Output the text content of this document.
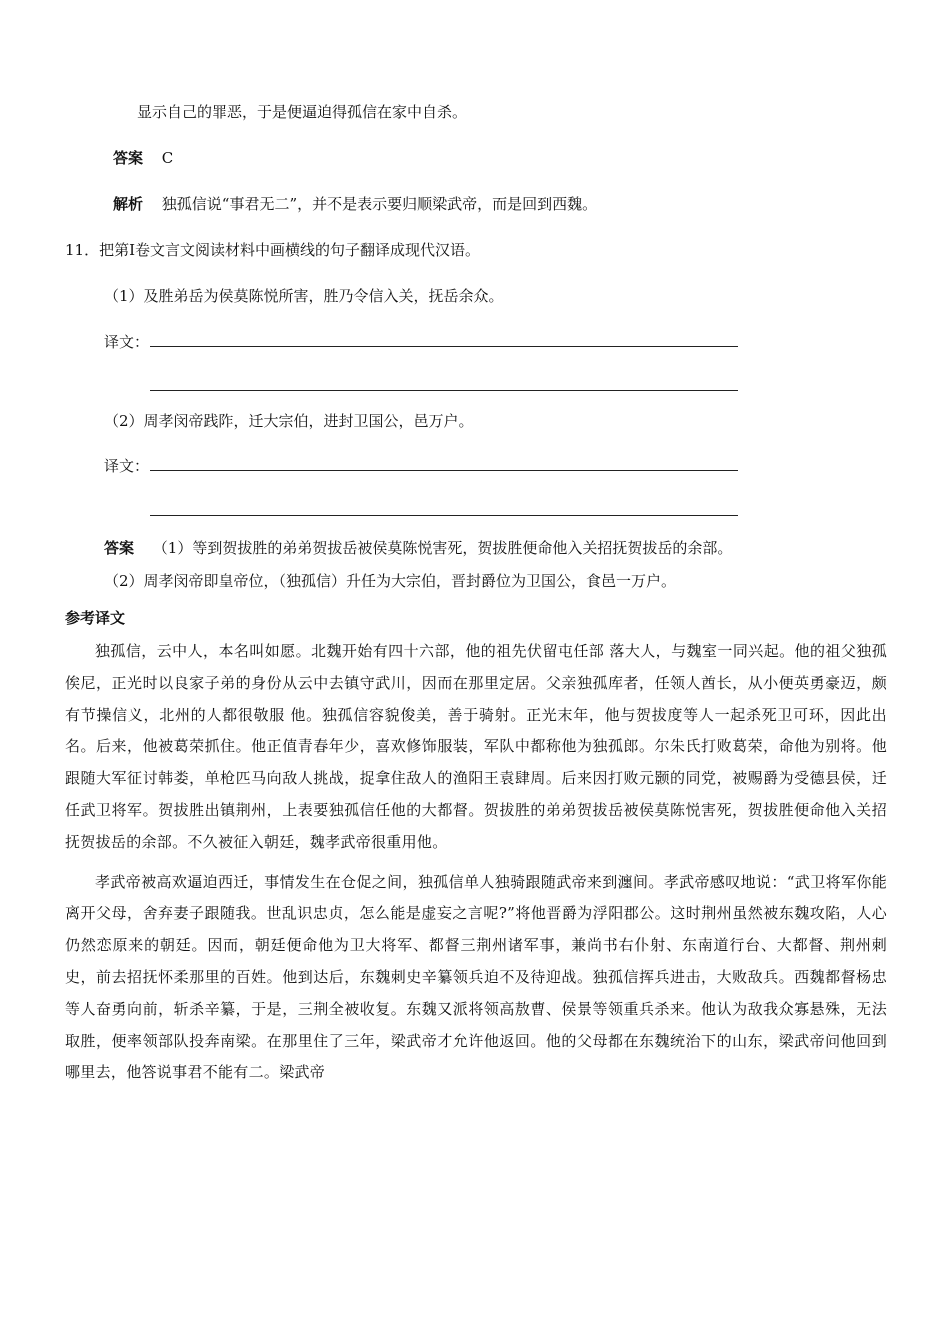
显示自己的罪恶，于是便逼迫得孤信在家中自杀。
答案 C
解析 独孤信说“事君无二”，并不是表示要归顺梁武帝，而是回到西魏。
11．把第Ⅰ卷文言文阅读材料中画横线的句子翻译成现代汉语。
（1）及胜弟岳为侯莫陈悦所害，胜乃令信入关，抚岳余众。
译文：
（2）周孝闵帝践阼，迁大宗伯，进封卫国公，邑万户。
译文：
答案 （1）等到贺拔胜的弟弟贺拔岳被侯莫陈悦害死，贺拔胜便命他入关招抚贺拔岳的余部。
（2）周孝闵帝即皇帝位，（独孤信）升任为大宗伯，晋封爵位为卫国公，食邑一万户。
参考译文

独孤信，云中人，本名叫如愿。北魏开始有四十六部，他的祖先伏留屯任部 落大人，与魏室一同兴起。他的祖父独孤俟尼，正光时以良家子弟的身份从云中去镇守武川，因而在那里定居。父亲独孤库者，任领人酋长，从小便英勇豪迈，颇有节操信义，北州的人都很敬服 他。独孤信容貌俊美，善于骑射。正光末年，他与贺拔度等人一起杀死卫可环，因此出名。后来，他被葛荣抓住。他正值青春年少，喜欢修饰服装，军队中都称他为独孤郎。尔朱氏打败葛荣，命他为别将。他跟随大军征讨韩娄，单枪匹马向敌人挑战，捉拿住敌人的渔阳王袁肆周。后来因打败元颢的同党，被赐爵为受德县侯，迁任武卫将军。贺拔胜出镇荆州，上表要独孤信任他的大都督。贺拔胜的弟弟贺拔岳被侯莫陈悦害死，贺拔胜便命他入关招抚贺拔岳的余部。不久被征入朝廷，魏孝武帝很重用他。

孝武帝被高欢逼迫西迁，事情发生在仓促之间，独孤信单人独骑跟随武帝来到瀍间。孝武帝感叹地说：“武卫将军你能离开父母，舍弃妻子跟随我。世乱识忠贞，怎么能是虚妄之言呢?”将他晋爵为浮阳郡公。这时荆州虽然被东魏攻陷，人心仍然恋原来的朝廷。因而，朝廷便命他为卫大将军、都督三荆州诸军事，兼尚书右仆射、东南道行台、大都督、荆州刺史，前去招抚怀柔那里的百姓。他到达后，东魏刺史辛纂领兵迫不及待迎战。独孤信挥兵进击，大败敌兵。西魏都督杨忠等人奋勇向前，斩杀辛纂，于是，三荆全被收复。东魏又派将领高敖曹、侯景等领重兵杀来。他认为敌我众寡悬殊，无法取胜，便率领部队投奔南梁。在那里住了三年，梁武帝才允许他返回。他的父母都在东魏统治下的山东，梁武帝问他回到哪里去，他答说事君不能有二。梁武帝
